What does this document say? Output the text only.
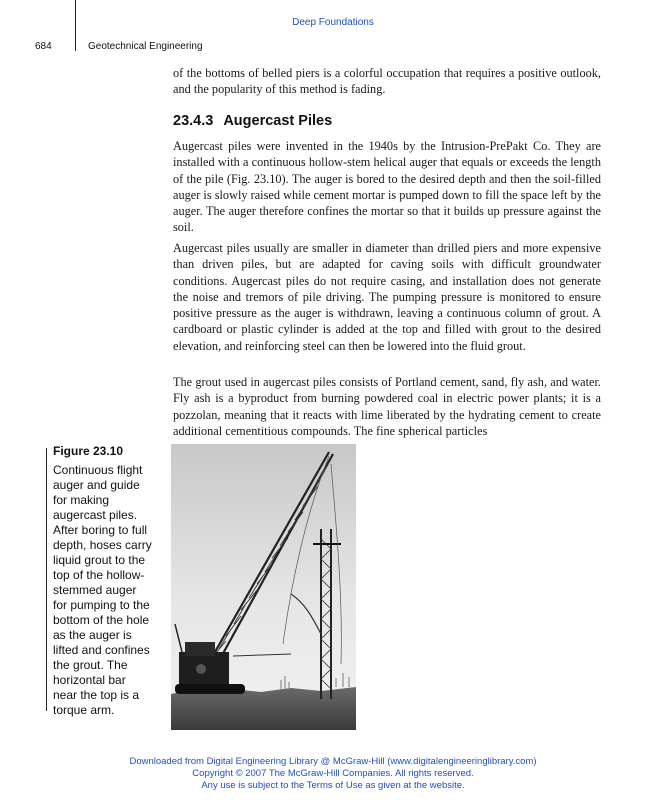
Deep Foundations
684	Geotechnical Engineering

of the bottoms of belled piers is a colorful occupation that requires a positive outlook, and the popularity of this method is fading.

23.4.3 Augercast Piles

Augercast piles were invented in the 1940s by the Intrusion-PrePakt Co. They are installed with a continuous hollow-stem helical auger that equals or exceeds the length of the pile (Fig. 23.10). The auger is bored to the desired depth and then the soil-filled auger is slowly raised while cement mortar is pumped down to fill the space left by the auger. The auger therefore confines the mortar so that it builds up pressure against the soil.

Augercast piles usually are smaller in diameter than drilled piers and more expensive than driven piles, but are adapted for caving soils with difficult groundwater conditions. Augercast piles do not require casing, and installation does not generate the noise and tremors of pile driving. The pumping pressure is monitored to ensure positive pressure as the auger is withdrawn, leaving a continuous column of grout. A cardboard or plastic cylinder is added at the top and filled with grout to the desired elevation, and reinforcing steel can then be lowered into the fluid grout.

The grout used in augercast piles consists of Portland cement, sand, fly ash, and water. Fly ash is a byproduct from burning powdered coal in electric power plants; it is a pozzolan, meaning that it reacts with lime liberated by the hydrating cement to create additional cementitious compounds. The fine spherical particles

Figure 23.10

Continuous flight auger and guide for making augercast piles. After boring to full depth, hoses carry liquid grout to the top of the hollow-stemmed auger for pumping to the bottom of the hole as the auger is lifted and confines the grout. The horizontal bar near the top is a torque arm.

Downloaded from Digital Engineering Library @ McGraw-Hill (www.digitalengineeringlibrary.com)
Copyright © 2007 The McGraw-Hill Companies. All rights reserved.
Any use is subject to the Terms of Use as given at the website.
